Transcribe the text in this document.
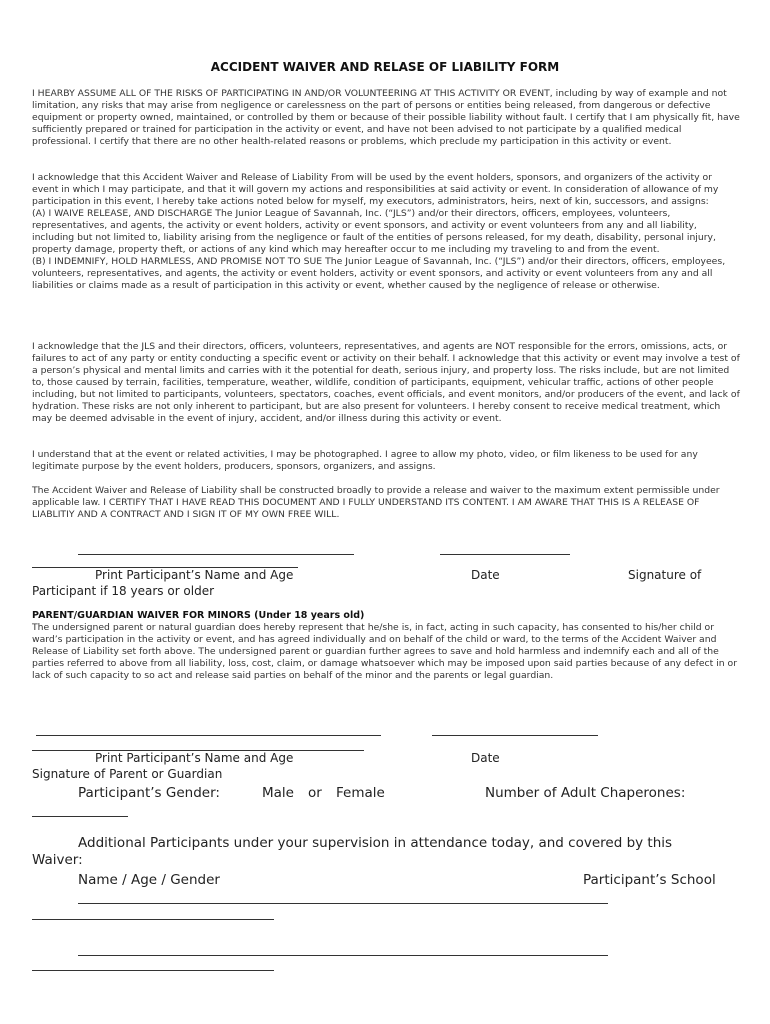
ACCIDENT WAIVER AND RELASE OF LIABILITY FORM

I HEARBY ASSUME ALL OF THE RISKS OF PARTICIPATING IN AND/OR VOLUNTEERING AT THIS ACTIVITY OR EVENT, including by way of example and not limitation, any risks that may arise from negligence or carelessness on the part of persons or entities being released, from dangerous or defective equipment or property owned, maintained, or controlled by them or because of their possible liability without fault. I certify that I am physically fit, have sufficiently prepared or trained for participation in the activity or event, and have not been advised to not participate by a qualified medical professional. I certify that there are no other health-related reasons or problems, which preclude my participation in this activity or event.

I acknowledge that this Accident Waiver and Release of Liability From will be used by the event holders, sponsors, and organizers of the activity or event in which I may participate, and that it will govern my actions and responsibilities at said activity or event. In consideration of allowance of my participation in this event, I hereby take actions noted below for myself, my executors, administrators, heirs, next of kin, successors, and assigns:

(A) I WAIVE RELEASE, AND DISCHARGE The Junior League of Savannah, Inc. (“JLS”) and/or their directors, officers, employees, volunteers, representatives, and agents, the activity or event holders, activity or event sponsors, and activity or event volunteers from any and all liability, including but not limited to, liability arising from the negligence or fault of the entities of persons released, for my death, disability, personal injury, property damage, property theft, or actions of any kind which may hereafter occur to me including my traveling to and from the event.

(B) I INDEMNIFY, HOLD HARMLESS, AND PROMISE NOT TO SUE The Junior League of Savannah, Inc. (“JLS”) and/or their directors, officers, employees, volunteers, representatives, and agents, the activity or event holders, activity or event sponsors, and activity or event volunteers from any and all liabilities or claims made as a result of participation in this activity or event, whether caused by the negligence of release or otherwise.

I acknowledge that the JLS and their directors, officers, volunteers, representatives, and agents are NOT responsible for the errors, omissions, acts, or failures to act of any party or entity conducting a specific event or activity on their behalf. I acknowledge that this activity or event may involve a test of a person’s physical and mental limits and carries with it the potential for death, serious injury, and property loss. The risks include, but are not limited to, those caused by terrain, facilities, temperature, weather, wildlife, condition of participants, equipment, vehicular traffic, actions of other people including, but not limited to participants, volunteers, spectators, coaches, event officials, and event monitors, and/or producers of the event, and lack of hydration. These risks are not only inherent to participant, but are also present for volunteers. I hereby consent to receive medical treatment, which may be deemed advisable in the event of injury, accident, and/or illness during this activity or event.

I understand that at the event or related activities, I may be photographed. I agree to allow my photo, video, or film likeness to be used for any legitimate purpose by the event holders, producers, sponsors, organizers, and assigns.

The Accident Waiver and Release of Liability shall be constructed broadly to provide a release and waiver to the maximum extent permissible under applicable law. I CERTIFY THAT I HAVE READ THIS DOCUMENT AND I FULLY UNDERSTAND ITS CONTENT. I AM AWARE THAT THIS IS A RELEASE OF LIABLITIY AND A CONTRACT AND I SIGN IT OF MY OWN FREE WILL.

Print Participant’s Name and Age	Date	Signature of
Participant if 18 years or older
PARENT/GUARDIAN WAIVER FOR MINORS (Under 18 years old)

The undersigned parent or natural guardian does hereby represent that he/she is, in fact, acting in such capacity, has consented to his/her child or ward’s participation in the activity or event, and has agreed individually and on behalf of the child or ward, to the terms of the Accident Waiver and Release of Liability set forth above. The undersigned parent or guardian further agrees to save and hold harmless and indemnify each and all of the parties referred to above from all liability, loss, cost, claim, or damage whatsoever which may be imposed upon said parties because of any defect in or lack of such capacity to so act and release said parties on behalf of the minor and the parents or legal guardian.

Print Participant’s Name and Age	Date
Signature of Parent or Guardian
Participant’s Gender:	Male or Female	Number of Adult Chaperones:
Additional Participants under your supervision in attendance today, and covered by this
Waiver:
Name / Age / Gender	Participant’s School
